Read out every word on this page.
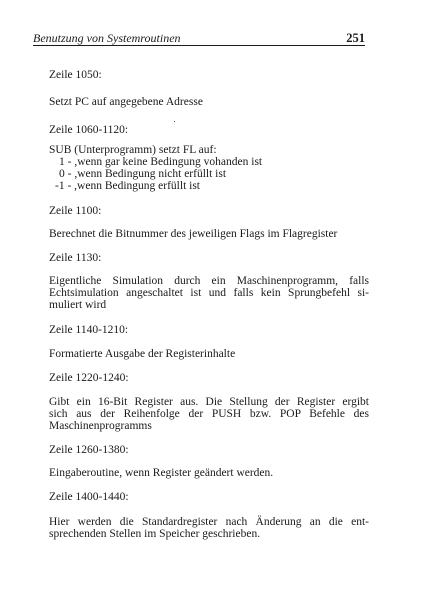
Benutzung von Systemroutinen	251
Zeile 1050:
Setzt PC auf angegebene Adresse
Zeile 1060-1120:
SUB (Unterprogramm) setzt FL auf:
1 - ,wenn gar keine Bedingung vohanden ist
0 - ,wenn Bedingung nicht erfüllt ist
-1 - ,wenn Bedingung erfüllt ist
Zeile 1100:
Berechnet die Bitnummer des jeweiligen Flags im Flagregister
Zeile 1130:
Eigentliche Simulation durch ein Maschinenprogramm, falls
Echtsimulation angeschaltet ist und falls kein Sprungbefehl si-
muliert wird
Zeile 1140-1210:
Formatierte Ausgabe der Registerinhalte
Zeile 1220-1240:
Gibt ein 16-Bit Register aus. Die Stellung der Register ergibt
sich aus der Reihenfolge der PUSH bzw. POP Befehle des
Maschinenprogramms
Zeile 1260-1380:
Eingaberoutine, wenn Register geändert werden.
Zeile 1400-1440:
Hier werden die Standardregister nach Änderung an die ent-
sprechenden Stellen im Speicher geschrieben.
